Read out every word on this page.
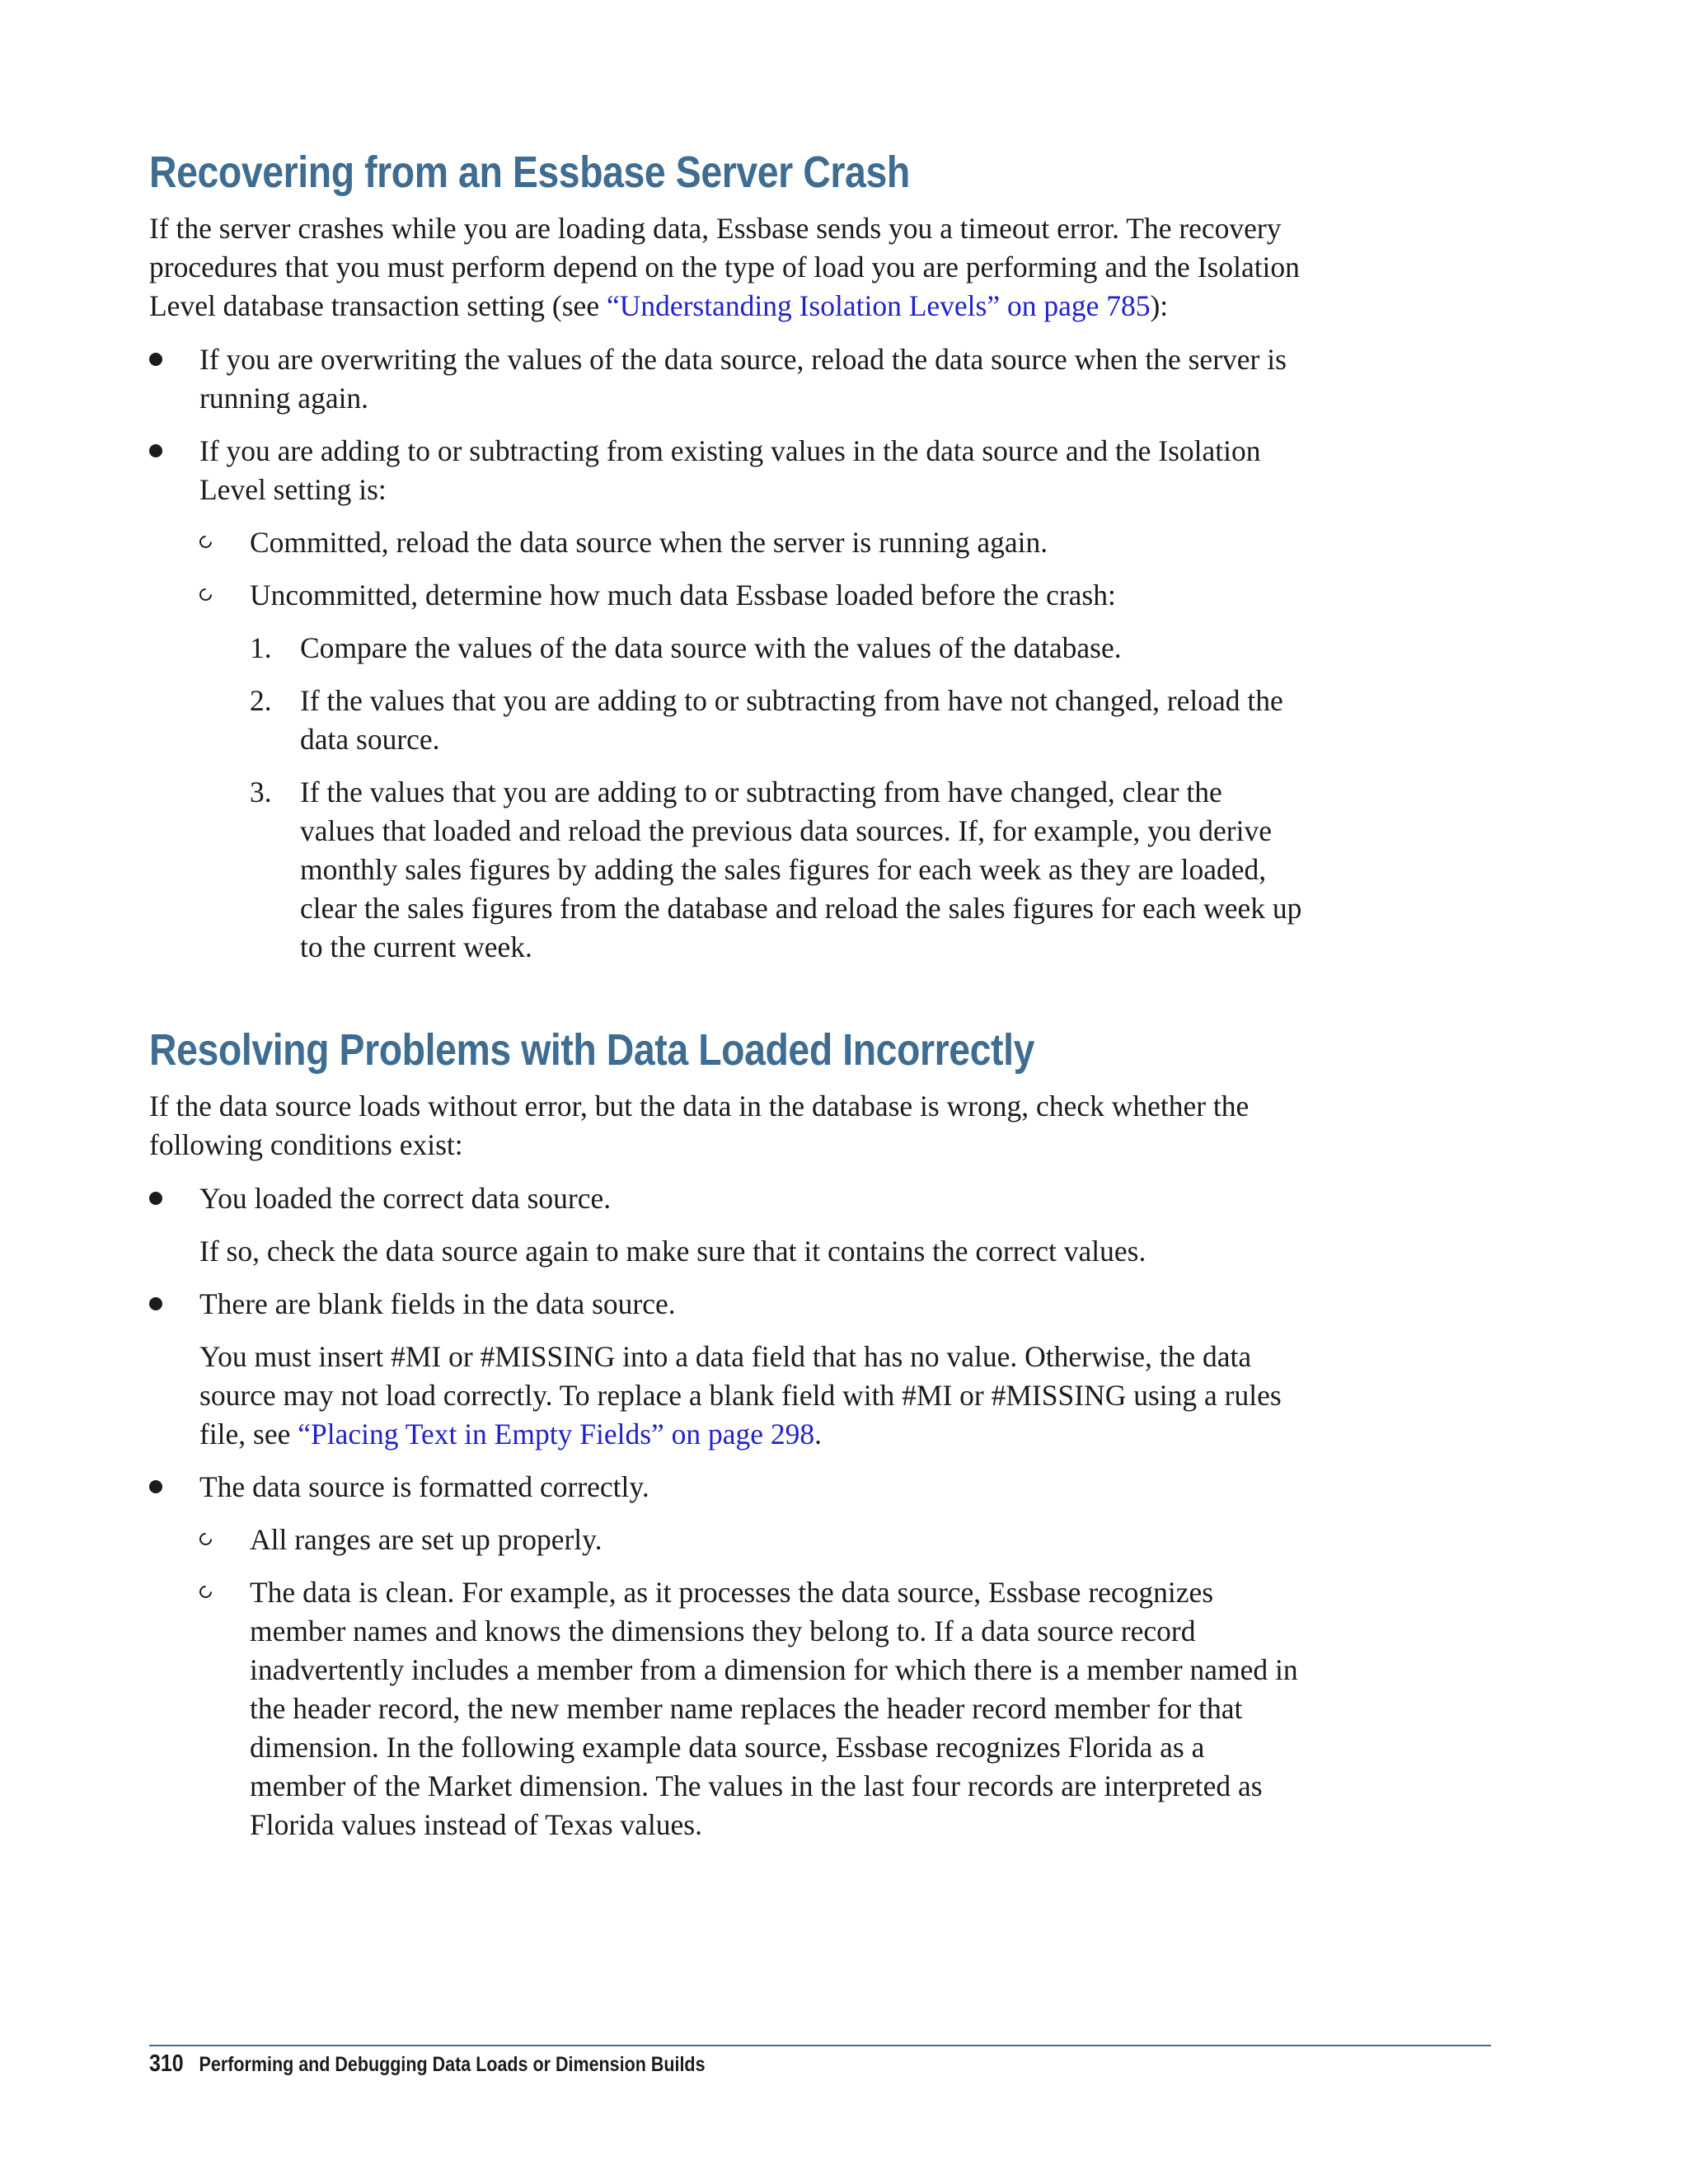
Recovering from an Essbase Server Crash

If the server crashes while you are loading data, Essbase sends you a timeout error. The recovery procedures that you must perform depend on the type of load you are performing and the Isolation Level database transaction setting (see “Understanding Isolation Levels” on page 785):

If you are overwriting the values of the data source, reload the data source when the server is running again.
If you are adding to or subtracting from existing values in the data source and the Isolation Level setting is:
Committed, reload the data source when the server is running again.
Uncommitted, determine how much data Essbase loaded before the crash:
1. Compare the values of the data source with the values of the database.
2. If the values that you are adding to or subtracting from have not changed, reload the data source.
3. If the values that you are adding to or subtracting from have changed, clear the values that loaded and reload the previous data sources. If, for example, you derive monthly sales figures by adding the sales figures for each week as they are loaded, clear the sales figures from the database and reload the sales figures for each week up to the current week.
Resolving Problems with Data Loaded Incorrectly

If the data source loads without error, but the data in the database is wrong, check whether the following conditions exist:

You loaded the correct data source.

If so, check the data source again to make sure that it contains the correct values.

There are blank fields in the data source.

You must insert #MI or #MISSING into a data field that has no value. Otherwise, the data source may not load correctly. To replace a blank field with #MI or #MISSING using a rules file, see “Placing Text in Empty Fields” on page 298.

The data source is formatted correctly.
All ranges are set up properly.
The data is clean. For example, as it processes the data source, Essbase recognizes member names and knows the dimensions they belong to. If a data source record inadvertently includes a member from a dimension for which there is a member named in the header record, the new member name replaces the header record member for that dimension. In the following example data source, Essbase recognizes Florida as a member of the Market dimension. The values in the last four records are interpreted as Florida values instead of Texas values.
310 Performing and Debugging Data Loads or Dimension Builds
